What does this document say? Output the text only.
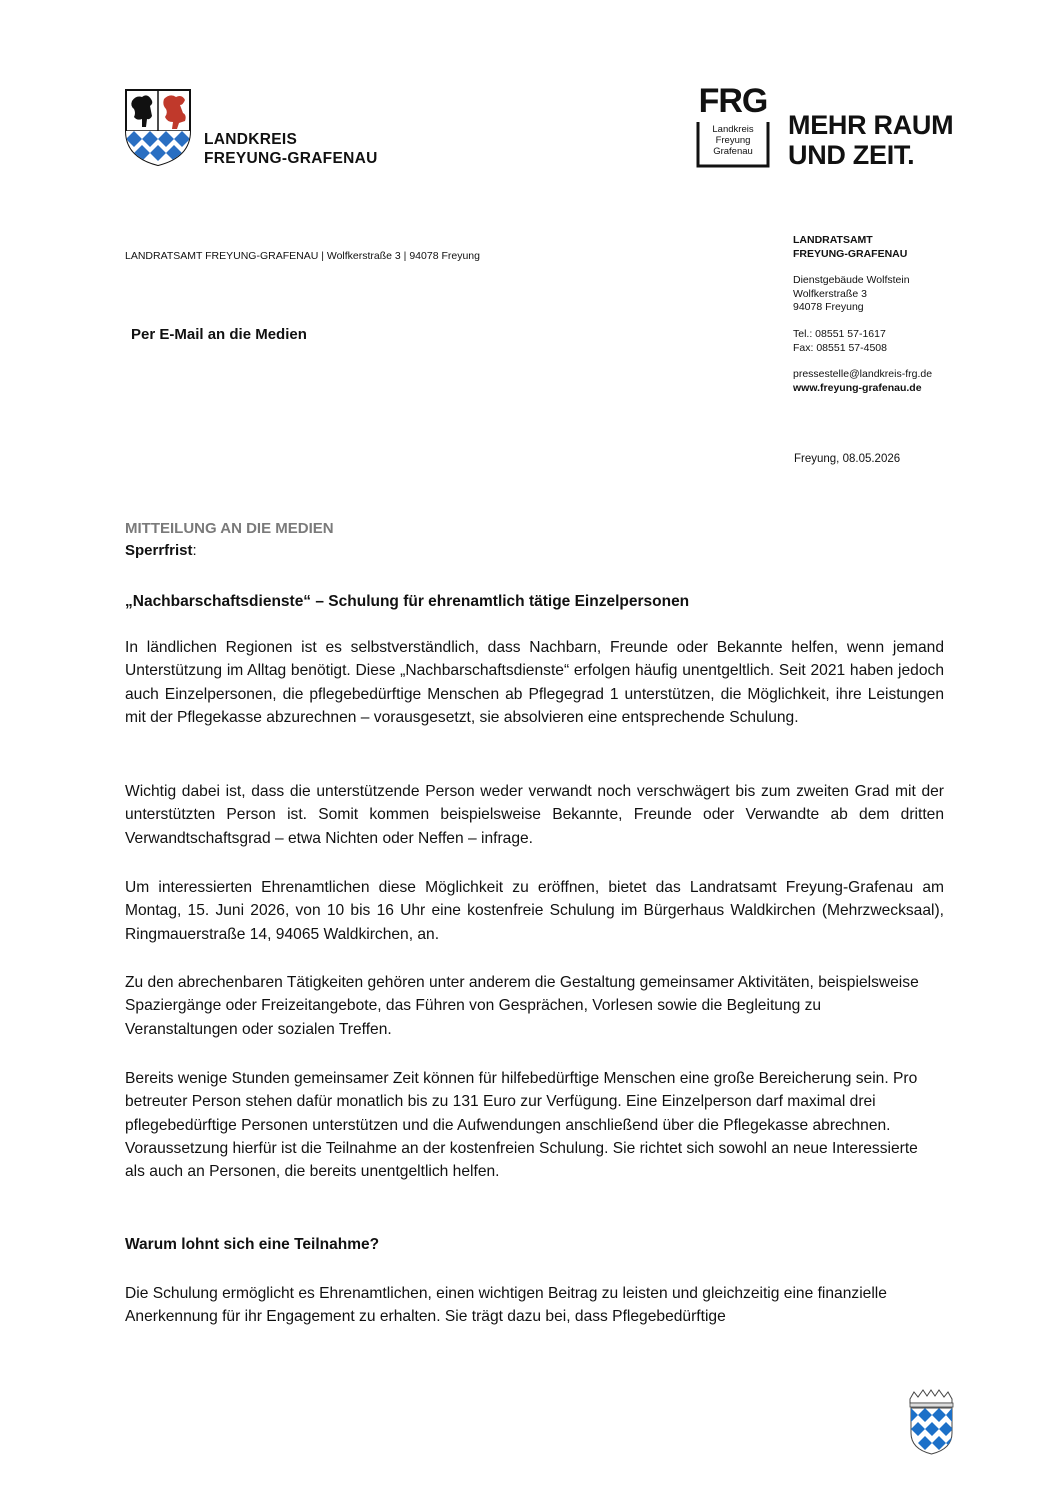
LANDKREIS
FREYUNG-GRAFENAU
FRG
Landkreis
Freyung
Grafenau
MEHR RAUM
UND ZEIT.
LANDRATSAMT FREYUNG-GRAFENAU | Wolfkerstraße 3 | 94078 Freyung
Per E-Mail an die Medien
LANDRATSAMT
FREYUNG-GRAFENAU
Dienstgebäude Wolfstein
Wolfkerstraße 3
94078 Freyung
Tel.: 08551 57-1617
Fax: 08551 57-4508
pressestelle@landkreis-frg.de
www.freyung-grafenau.de
Freyung, 08.05.2026
MITTEILUNG AN DIE MEDIEN
Sperrfrist:
„Nachbarschaftsdienste“ – Schulung für ehrenamtlich tätige Einzelpersonen
In ländlichen Regionen ist es selbstverständlich, dass Nachbarn, Freunde oder Bekannte helfen, wenn jemand Unterstützung im Alltag benötigt. Diese „Nachbarschaftsdienste“ erfolgen häufig unentgeltlich. Seit 2021 haben jedoch auch Einzelpersonen, die pflegebedürftige Menschen ab Pflegegrad 1 unterstützen, die Möglichkeit, ihre Leistungen mit der Pflegekasse abzurechnen – vorausgesetzt, sie absolvieren eine entsprechende Schulung.
Wichtig dabei ist, dass die unterstützende Person weder verwandt noch verschwägert bis zum zweiten Grad mit der unterstützten Person ist. Somit kommen beispielsweise Bekannte, Freunde oder Verwandte ab dem dritten Verwandtschaftsgrad – etwa Nichten oder Neffen – infrage.
Um interessierten Ehrenamtlichen diese Möglichkeit zu eröffnen, bietet das Landratsamt Freyung-Grafenau am Montag, 15. Juni 2026, von 10 bis 16 Uhr eine kostenfreie Schulung im Bürgerhaus Waldkirchen (Mehrzwecksaal), Ringmauerstraße 14, 94065 Waldkirchen, an.
Zu den abrechenbaren Tätigkeiten gehören unter anderem die Gestaltung gemeinsamer Aktivitäten, beispielsweise Spaziergänge oder Freizeitangebote, das Führen von Gesprächen, Vorlesen sowie die Begleitung zu Veranstaltungen oder sozialen Treffen.
Bereits wenige Stunden gemeinsamer Zeit können für hilfebedürftige Menschen eine große Bereicherung sein. Pro betreuter Person stehen dafür monatlich bis zu 131 Euro zur Verfügung. Eine Einzelperson darf maximal drei pflegebedürftige Personen unterstützen und die Aufwendungen anschließend über die Pflegekasse abrechnen. Voraussetzung hierfür ist die Teilnahme an der kostenfreien Schulung. Sie richtet sich sowohl an neue Interessierte als auch an Personen, die bereits unentgeltlich helfen.
Warum lohnt sich eine Teilnahme?
Die Schulung ermöglicht es Ehrenamtlichen, einen wichtigen Beitrag zu leisten und gleichzeitig eine finanzielle Anerkennung für ihr Engagement zu erhalten. Sie trägt dazu bei, dass Pflegebedürftige
